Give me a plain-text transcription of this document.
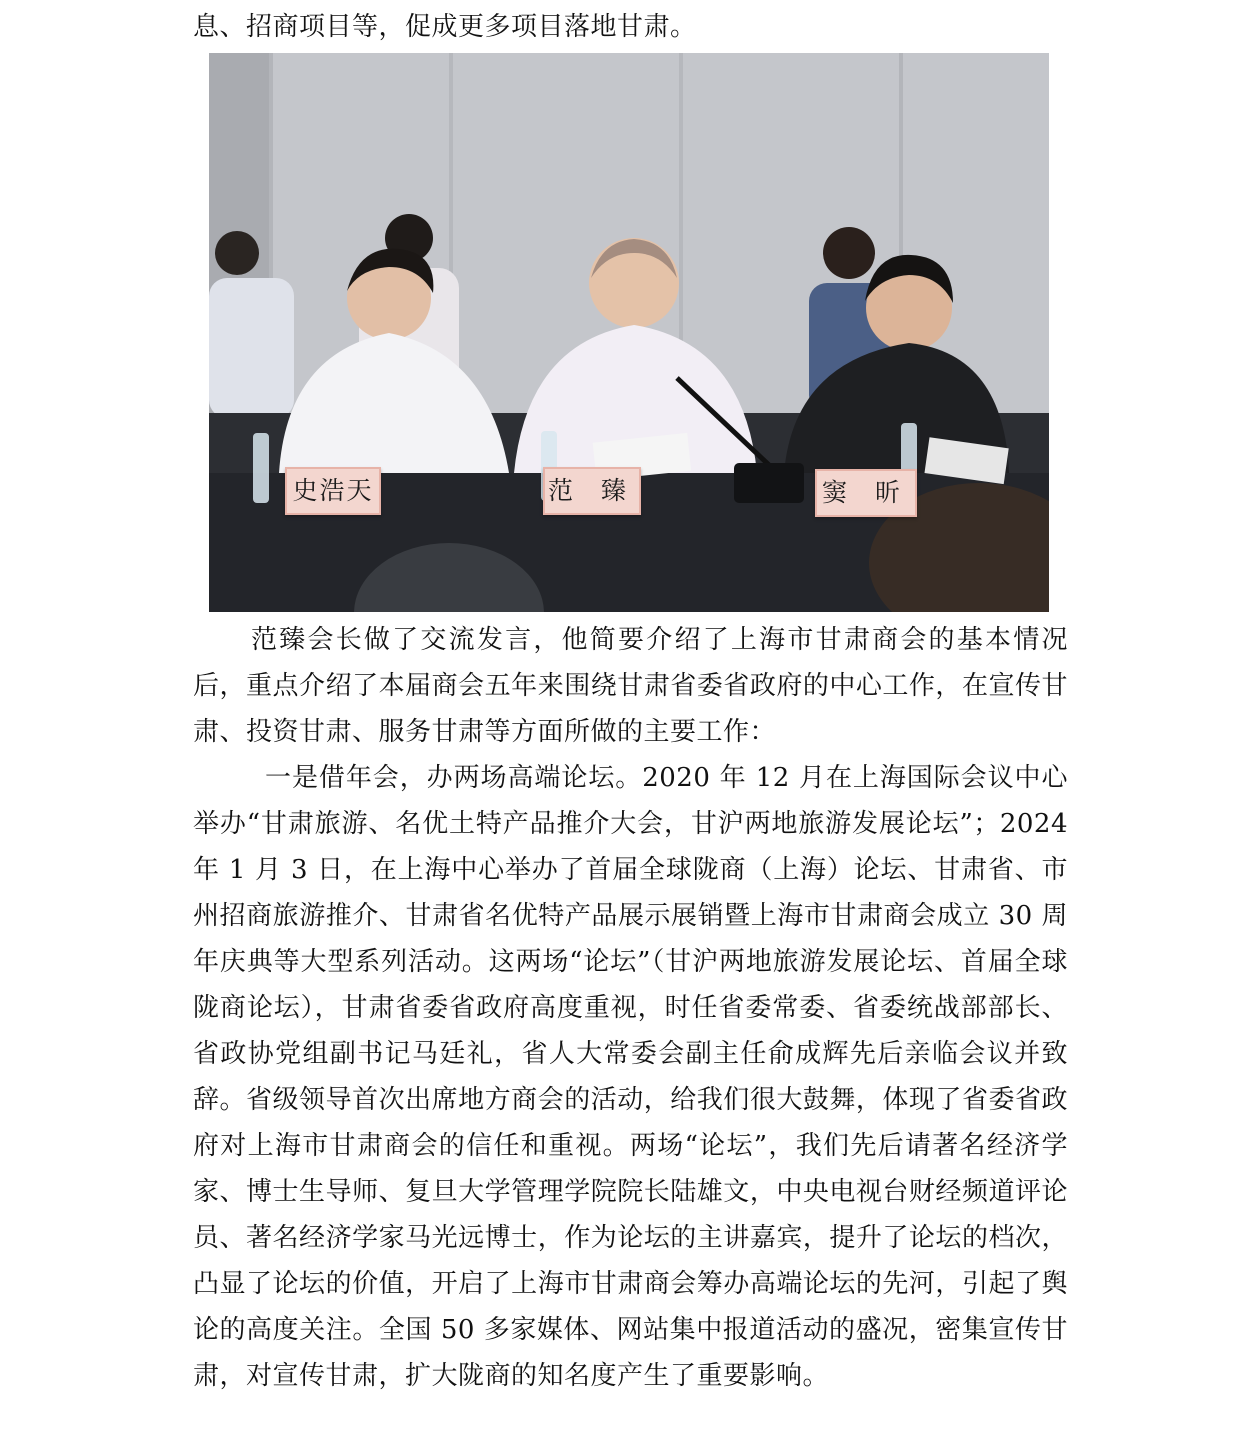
息、招商项目等，促成更多项目落地甘肃。
史浩天	范 臻	窦 昕
范臻会长做了交流发言，他简要介绍了上海市甘肃商会的基本情况后，重点介绍了本届商会五年来围绕甘肃省委省政府的中心工作，在宣传甘肃、投资甘肃、服务甘肃等方面所做的主要工作：
一是借年会，办两场高端论坛。2020 年 12 月在上海国际会议中心举办“甘肃旅游、名优土特产品推介大会，甘沪两地旅游发展论坛”；2024 年 1 月 3 日，在上海中心举办了首届全球陇商（上海）论坛、甘肃省、市州招商旅游推介、甘肃省名优特产品展示展销暨上海市甘肃商会成立 30 周年庆典等大型系列活动。这两场“论坛”（甘沪两地旅游发展论坛、首届全球陇商论坛），甘肃省委省政府高度重视，时任省委常委、省委统战部部长、省政协党组副书记马廷礼，省人大常委会副主任俞成辉先后亲临会议并致辞。省级领导首次出席地方商会的活动，给我们很大鼓舞，体现了省委省政府对上海市甘肃商会的信任和重视。两场“论坛”，我们先后请著名经济学家、博士生导师、复旦大学管理学院院长陆雄文，中央电视台财经频道评论员、著名经济学家马光远博士，作为论坛的主讲嘉宾，提升了论坛的档次，凸显了论坛的价值，开启了上海市甘肃商会筹办高端论坛的先河，引起了舆论的高度关注。全国 50 多家媒体、网站集中报道活动的盛况，密集宣传甘肃，对宣传甘肃，扩大陇商的知名度产生了重要影响。
